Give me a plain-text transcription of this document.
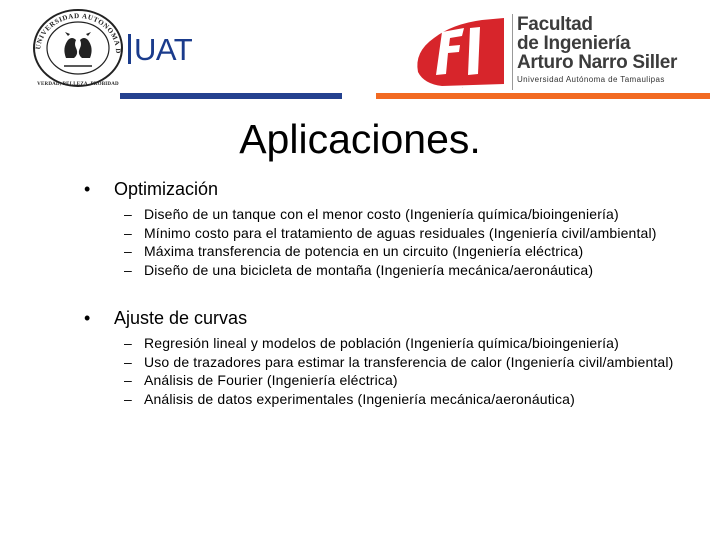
UNIVERSIDAD AUTONOMA D
VERDAD, BELLEZA, PROBIDAD
UAT
FI
Facultad
de Ingeniería
Arturo Narro Siller
Universidad Autónoma de Tamaulipas
Aplicaciones.
•	Optimización
– Diseño de un tanque con el menor costo (Ingeniería química/bioingeniería)
– Mínimo costo para el tratamiento de aguas residuales (Ingeniería civil/ambiental)
– Máxima transferencia de potencia en un circuito (Ingeniería eléctrica)
– Diseño de una bicicleta de montaña (Ingeniería mecánica/aeronáutica)
•	Ajuste de curvas
– Regresión lineal y modelos de población (Ingeniería química/bioingeniería)
– Uso de trazadores para estimar la transferencia de calor (Ingeniería civil/ambiental)
– Análisis de Fourier (Ingeniería eléctrica)
– Análisis de datos experimentales (Ingeniería mecánica/aeronáutica)
